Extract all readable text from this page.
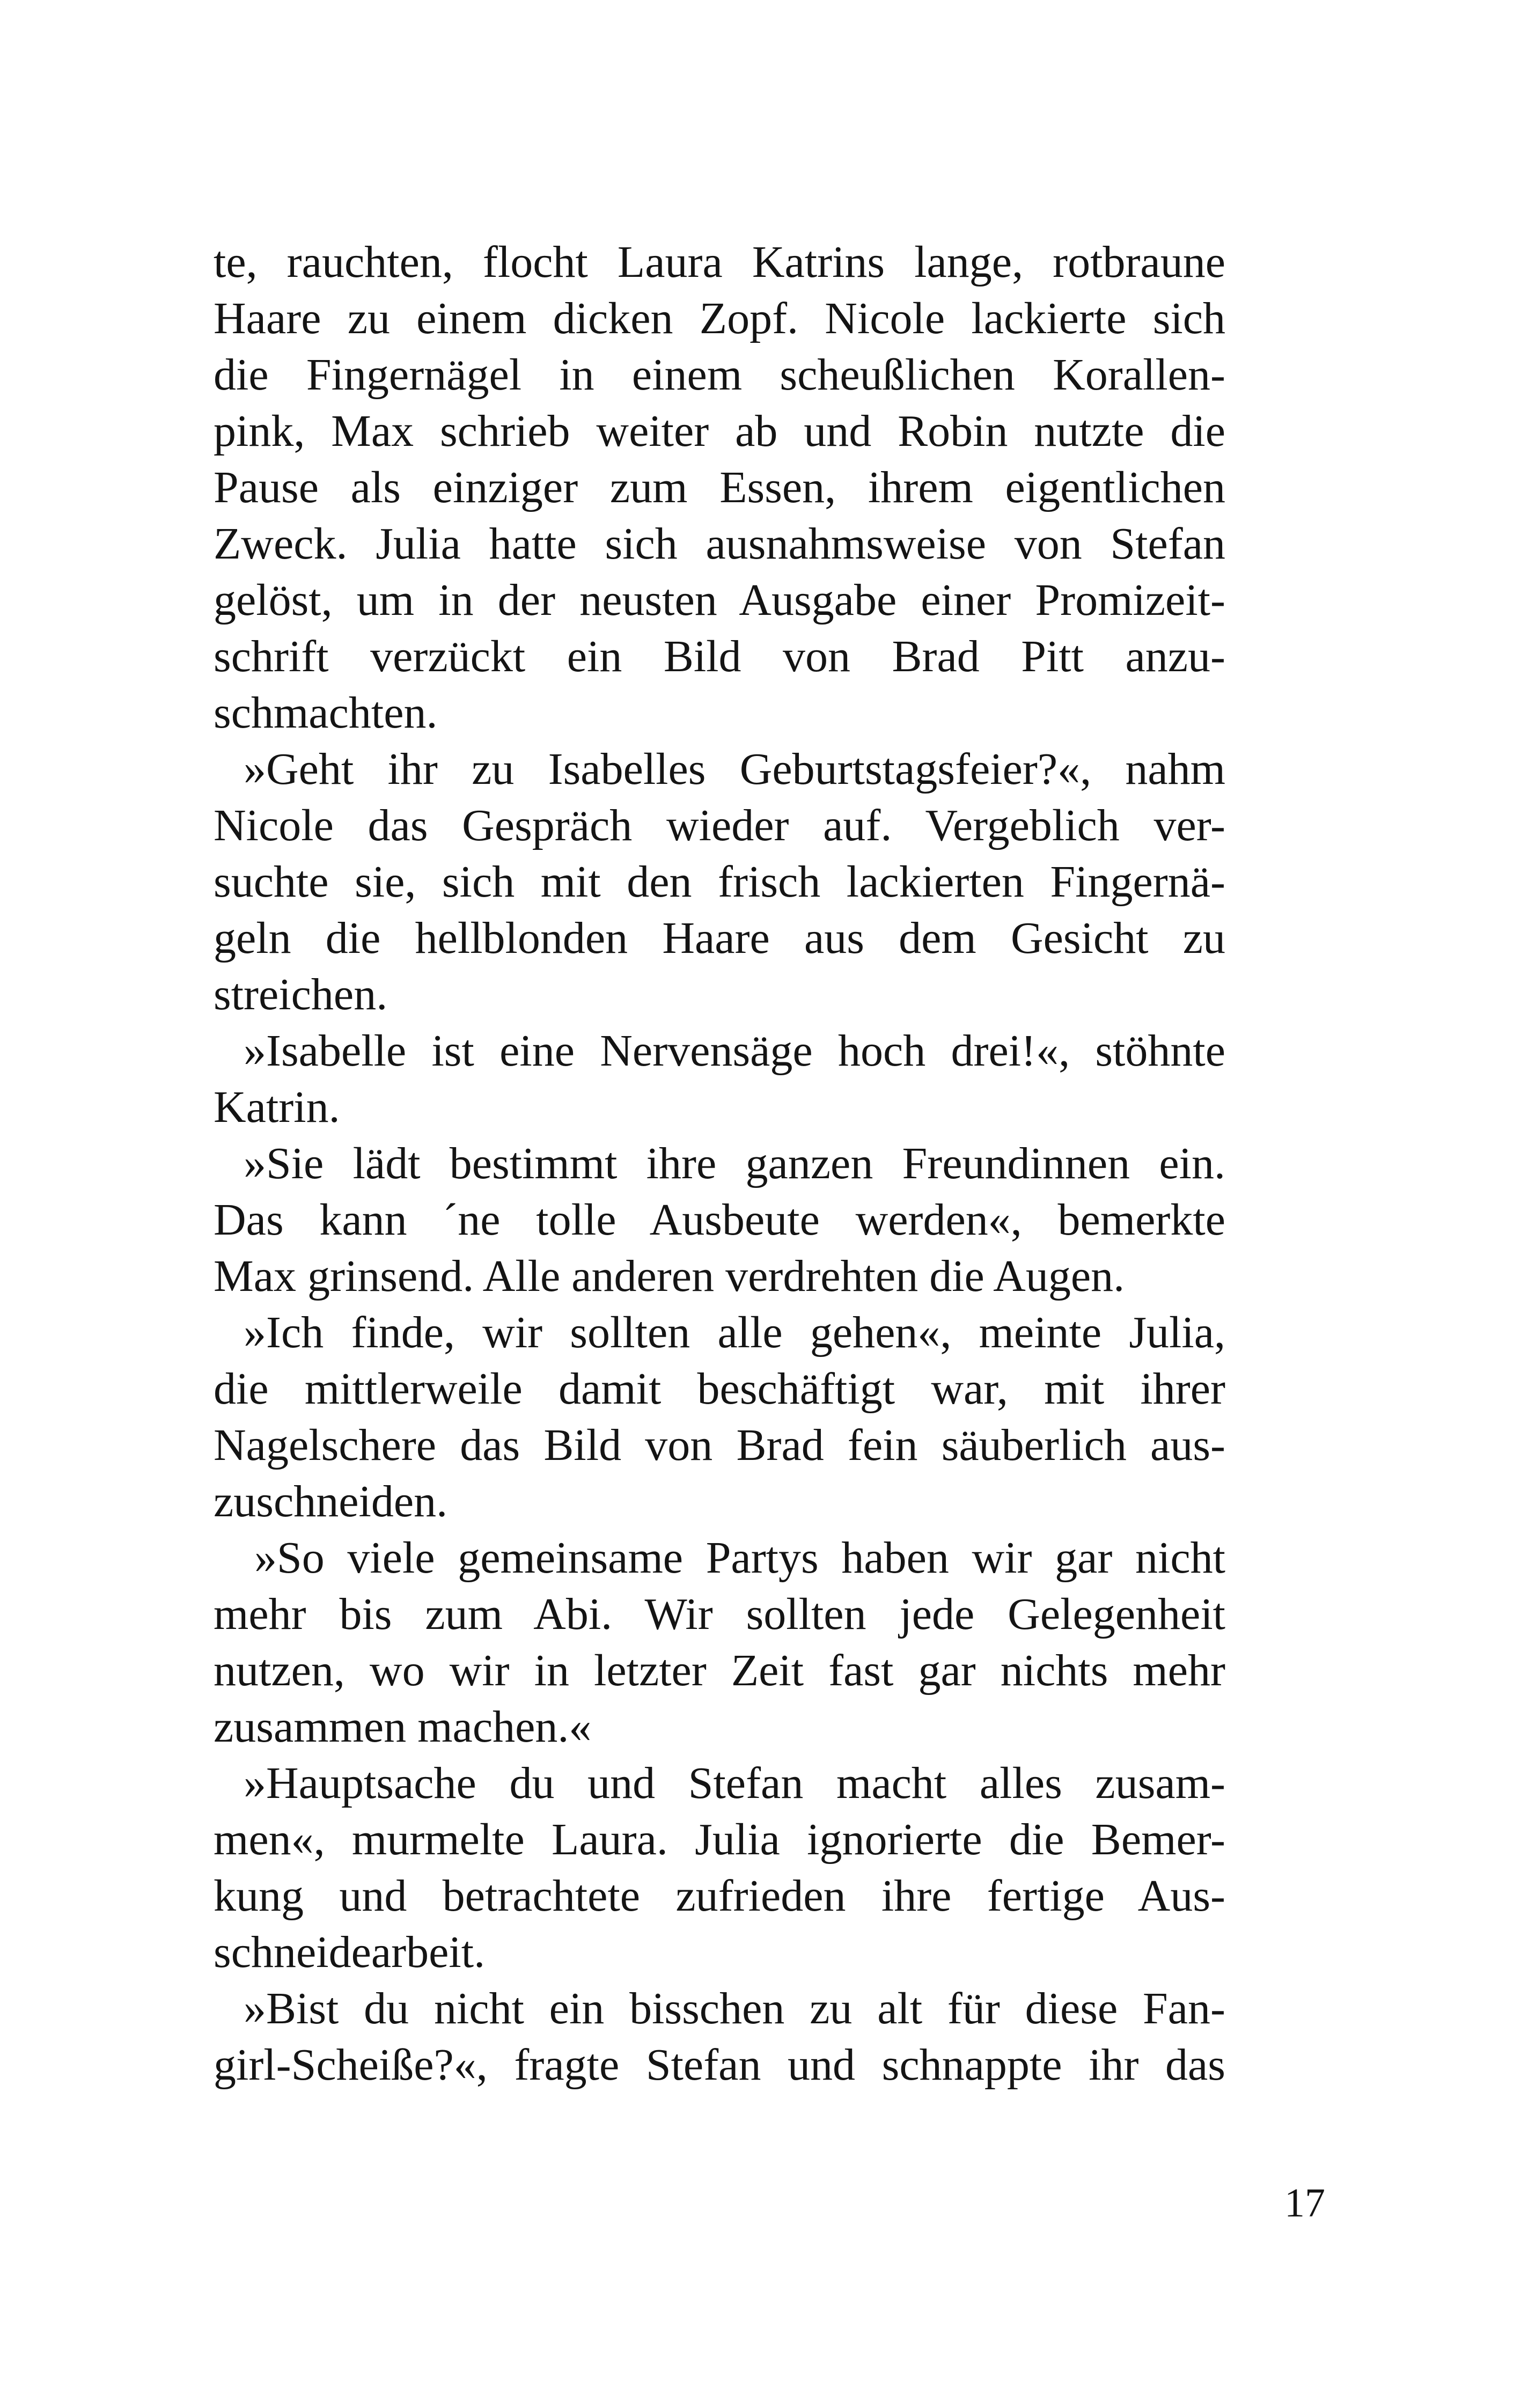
te, rauchten, flocht Laura Katrins lange, rotbraune
Haare zu einem dicken Zopf. Nicole lackierte sich
die Fingernägel in einem scheußlichen Korallen-
pink, Max schrieb weiter ab und Robin nutzte die
Pause als einziger zum Essen, ihrem eigentlichen
Zweck. Julia hatte sich ausnahmsweise von Stefan
gelöst, um in der neusten Ausgabe einer Promizeit-
schrift verzückt ein Bild von Brad Pitt anzu-
schmachten.
»Geht ihr zu Isabelles Geburtstagsfeier?«, nahm
Nicole das Gespräch wieder auf. Vergeblich ver-
suchte sie, sich mit den frisch lackierten Fingernä-
geln die hellblonden Haare aus dem Gesicht zu
streichen.
»Isabelle ist eine Nervensäge hoch drei!«, stöhnte
Katrin.
»Sie lädt bestimmt ihre ganzen Freundinnen ein.
Das kann ´ne tolle Ausbeute werden«, bemerkte
Max grinsend. Alle anderen verdrehten die Augen.
»Ich finde, wir sollten alle gehen«, meinte Julia,
die mittlerweile damit beschäftigt war, mit ihrer
Nagelschere das Bild von Brad fein säuberlich aus-
zuschneiden.
»So viele gemeinsame Partys haben wir gar nicht
mehr bis zum Abi. Wir sollten jede Gelegenheit
nutzen, wo wir in letzter Zeit fast gar nichts mehr
zusammen machen.«
»Hauptsache du und Stefan macht alles zusam-
men«, murmelte Laura. Julia ignorierte die Bemer-
kung und betrachtete zufrieden ihre fertige Aus-
schneidearbeit.
»Bist du nicht ein bisschen zu alt für diese Fan-
girl-Scheiße?«, fragte Stefan und schnappte ihr das
17
